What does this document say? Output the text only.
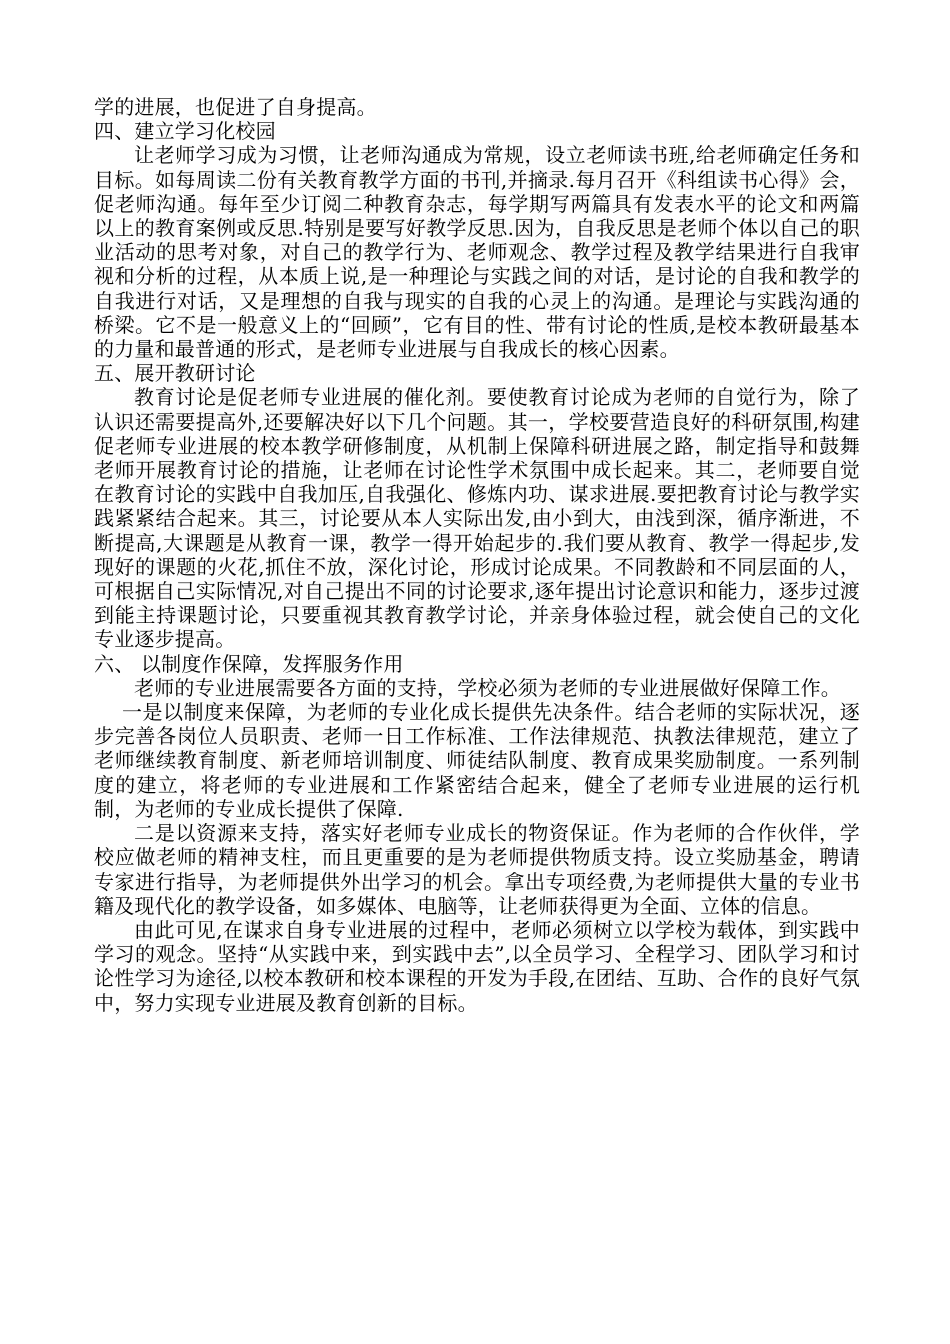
学的进展，也促进了自身提高。

四、建立学习化校园

让老师学习成为习惯，让老师沟通成为常规，设立老师读书班,给老师确定任务和目标。如每周读二份有关教育教学方面的书刊,并摘录.每月召开《科组读书心得》会，促老师沟通。每年至少订阅二种教育杂志，每学期写两篇具有发表水平的论文和两篇以上的教育案例或反思.特别是要写好教学反思.因为，自我反思是老师个体以自己的职业活动的思考对象，对自己的教学行为、老师观念、教学过程及教学结果进行自我审视和分析的过程，从本质上说,是一种理论与实践之间的对话，是讨论的自我和教学的自我进行对话，又是理想的自我与现实的自我的心灵上的沟通。是理论与实践沟通的桥梁。它不是一般意义上的“回顾”，它有目的性、带有讨论的性质,是校本教研最基本的力量和最普通的形式，是老师专业进展与自我成长的核心因素。

五、展开教研讨论

教育讨论是促老师专业进展的催化剂。要使教育讨论成为老师的自觉行为，除了认识还需要提高外,还要解决好以下几个问题。其一，学校要营造良好的科研氛围,构建促老师专业进展的校本教学研修制度，从机制上保障科研进展之路，制定指导和鼓舞老师开展教育讨论的措施，让老师在讨论性学术氛围中成长起来。其二，老师要自觉在教育讨论的实践中自我加压,自我强化、修炼内功、谋求进展.要把教育讨论与教学实践紧紧结合起来。其三，讨论要从本人实际出发,由小到大，由浅到深，循序渐进，不断提高,大课题是从教育一课，教学一得开始起步的.我们要从教育、教学一得起步,发现好的课题的火花,抓住不放，深化讨论，形成讨论成果。不同教龄和不同层面的人，可根据自己实际情况,对自己提出不同的讨论要求,逐年提出讨论意识和能力，逐步过渡到能主持课题讨论，只要重视其教育教学讨论，并亲身体验过程，就会使自己的文化专业逐步提高。

六、 以制度作保障，发挥服务作用

老师的专业进展需要各方面的支持，学校必须为老师的专业进展做好保障工作。

一是以制度来保障，为老师的专业化成长提供先决条件。结合老师的实际状况，逐步完善各岗位人员职责、老师一日工作标准、工作法律规范、执教法律规范，建立了老师继续教育制度、新老师培训制度、师徒结队制度、教育成果奖励制度。一系列制度的建立，将老师的专业进展和工作紧密结合起来，健全了老师专业进展的运行机制，为老师的专业成长提供了保障.

二是以资源来支持，落实好老师专业成长的物资保证。作为老师的合作伙伴，学校应做老师的精神支柱，而且更重要的是为老师提供物质支持。设立奖励基金，聘请专家进行指导，为老师提供外出学习的机会。拿出专项经费,为老师提供大量的专业书籍及现代化的教学设备，如多媒体、电脑等，让老师获得更为全面、立体的信息。

由此可见,在谋求自身专业进展的过程中，老师必须树立以学校为载体，到实践中学习的观念。坚持“从实践中来，到实践中去”,以全员学习、全程学习、团队学习和讨论性学习为途径,以校本教研和校本课程的开发为手段,在团结、互助、合作的良好气氛中，努力实现专业进展及教育创新的目标。
